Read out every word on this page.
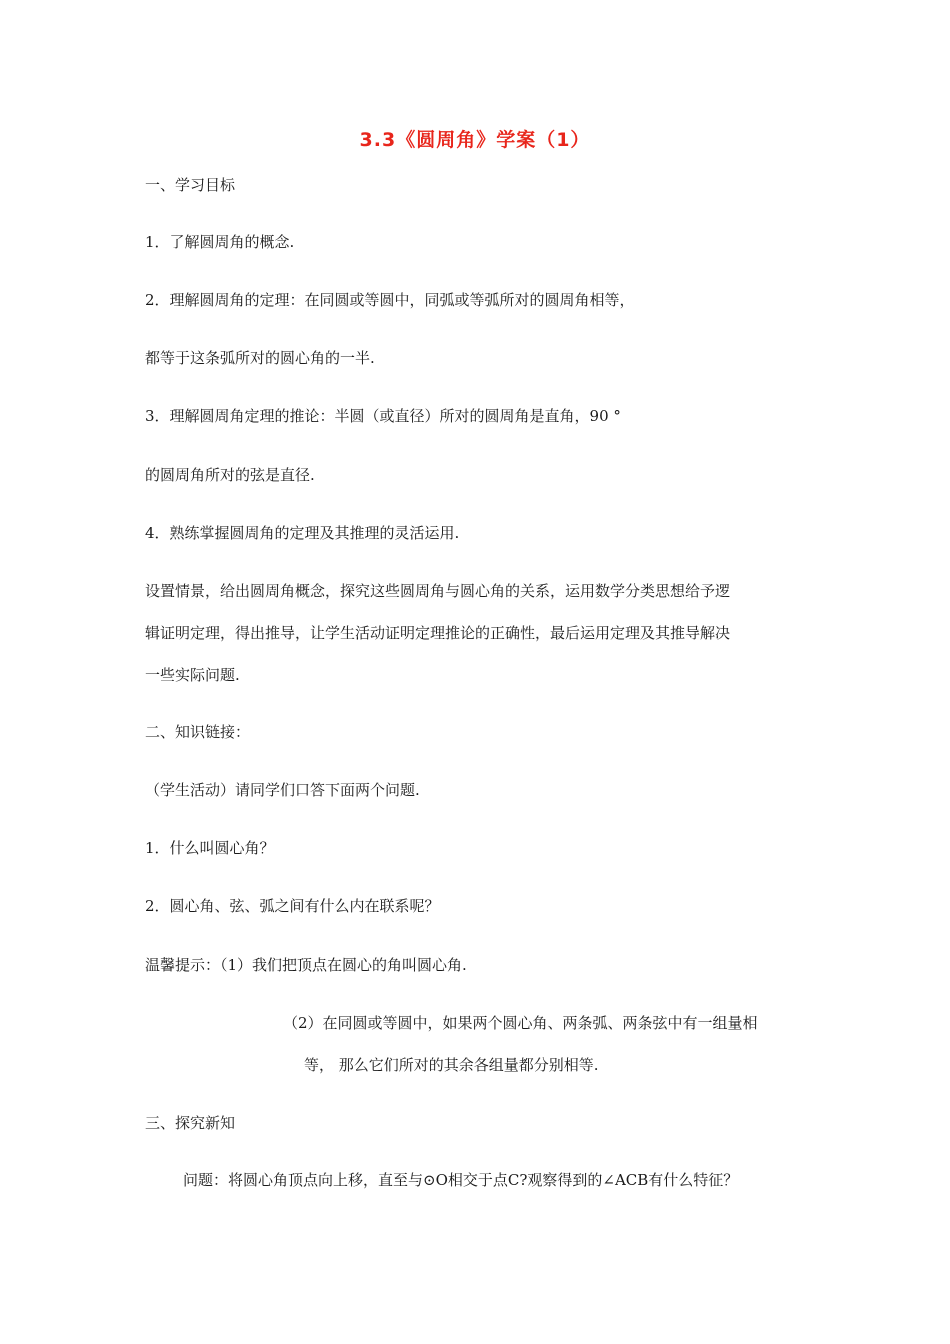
3.3《圆周角》学案（1）
一、学习目标
1．了解圆周角的概念.
2．理解圆周角的定理：在同圆或等圆中，同弧或等弧所对的圆周角相等，
都等于这条弧所对的圆心角的一半.
3．理解圆周角定理的推论：半圆（或直径）所对的圆周角是直角，90 °
的圆周角所对的弦是直径.
4．熟练掌握圆周角的定理及其推理的灵活运用.
设置情景，给出圆周角概念，探究这些圆周角与圆心角的关系，运用数学分类思想给予逻
辑证明定理，得出推导，让学生活动证明定理推论的正确性，最后运用定理及其推导解决
一些实际问题.
二、知识链接：
（学生活动）请同学们口答下面两个问题.
1．什么叫圆心角？
2．圆心角、弦、弧之间有什么内在联系呢？
温馨提示：（1）我们把顶点在圆心的角叫圆心角.
（2）在同圆或等圆中，如果两个圆心角、两条弧、两条弦中有一组量相
等， 那么它们所对的其余各组量都分别相等.
三、探究新知
问题：将圆心角顶点向上移，直至与⊙O相交于点C?观察得到的∠ACB有什么特征？
